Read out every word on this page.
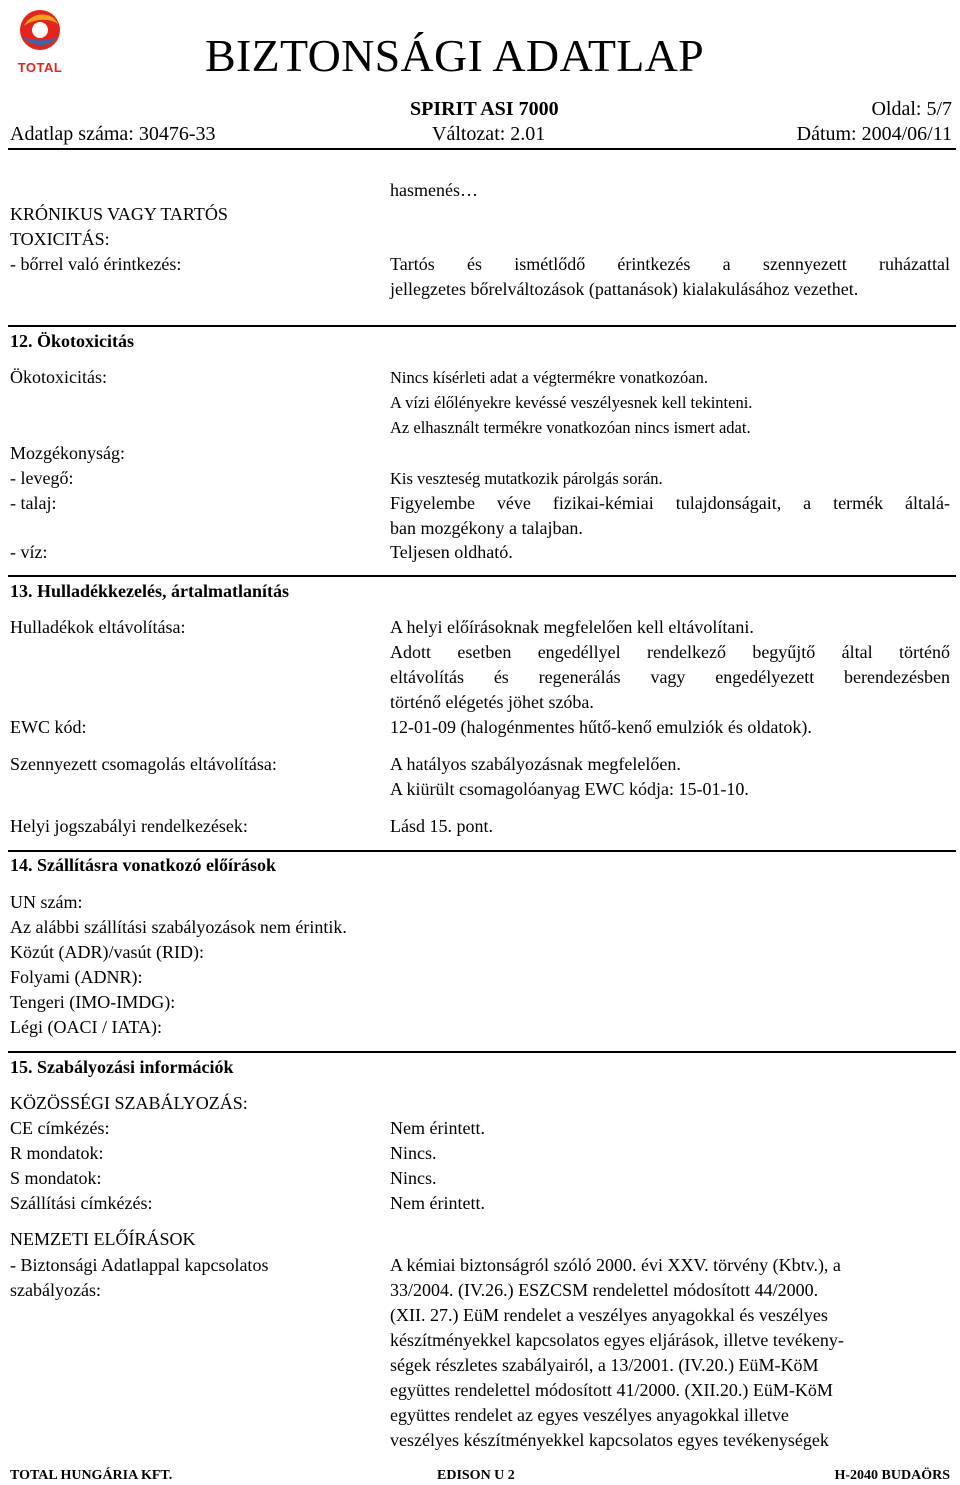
TOTAL	BIZTONSÁGI ADATLAP
SPIRIT ASI 7000	Oldal: 5/7
Adatlap száma: 30476-33	Változat: 2.01	Dátum: 2004/06/11
hasmenés…
KRÓNIKUS VAGY TARTÓS
TOXICITÁS:
- bőrrel való érintkezés:	Tartós és ismétlődő érintkezés a szennyezett ruházattal
jellegzetes bőrelváltozások (pattanások) kialakulásához vezethet.
12. Ökotoxicitás
Ökotoxicitás:	Nincs kísérleti adat a végtermékre vonatkozóan.
A vízi élőlényekre kevéssé veszélyesnek kell tekinteni.
Az elhasznált termékre vonatkozóan nincs ismert adat.
Mozgékonyság:
- levegő:	Kis veszteség mutatkozik párolgás során.
- talaj:	Figyelembe véve fizikai-kémiai tulajdonságait, a termék általá-
ban mozgékony a talajban.
- víz:	Teljesen oldható.
13. Hulladékkezelés, ártalmatlanítás
Hulladékok eltávolítása:	A helyi előírásoknak megfelelően kell eltávolítani.
Adott esetben engedéllyel rendelkező begyűjtő által történő
eltávolítás és regenerálás vagy engedélyezett berendezésben
történő elégetés jöhet szóba.
EWC kód:	12-01-09 (halogénmentes hűtő-kenő emulziók és oldatok).
Szennyezett csomagolás eltávolítása:	A hatályos szabályozásnak megfelelően.
A kiürült csomagolóanyag EWC kódja: 15-01-10.
Helyi jogszabályi rendelkezések:	Lásd 15. pont.
14. Szállításra vonatkozó előírások
UN szám:
Az alábbi szállítási szabályozások nem érintik.
Közút (ADR)/vasút (RID):
Folyami (ADNR):
Tengeri (IMO-IMDG):
Légi (OACI / IATA):
15. Szabályozási információk
KÖZÖSSÉGI SZABÁLYOZÁS:
CE címkézés:	Nem érintett.
R mondatok:	Nincs.
S mondatok:	Nincs.
Szállítási címkézés:	Nem érintett.
NEMZETI ELŐÍRÁSOK
- Biztonsági Adatlappal kapcsolatos
szabályozás:
A kémiai biztonságról szóló 2000. évi XXV. törvény (Kbtv.), a
33/2004. (IV.26.) ESZCSM rendelettel módosított 44/2000.
(XII. 27.) EüM rendelet a veszélyes anyagokkal és veszélyes
készítményekkel kapcsolatos egyes eljárások, illetve tevékeny-
ségek részletes szabályairól, a 13/2001. (IV.20.) EüM-KöM
együttes rendelettel módosított 41/2000. (XII.20.) EüM-KöM
együttes rendelet az egyes veszélyes anyagokkal illetve
veszélyes készítményekkel kapcsolatos egyes tevékenységek
TOTAL HUNGÁRIA KFT.	EDISON U 2	H-2040 BUDAÖRS
